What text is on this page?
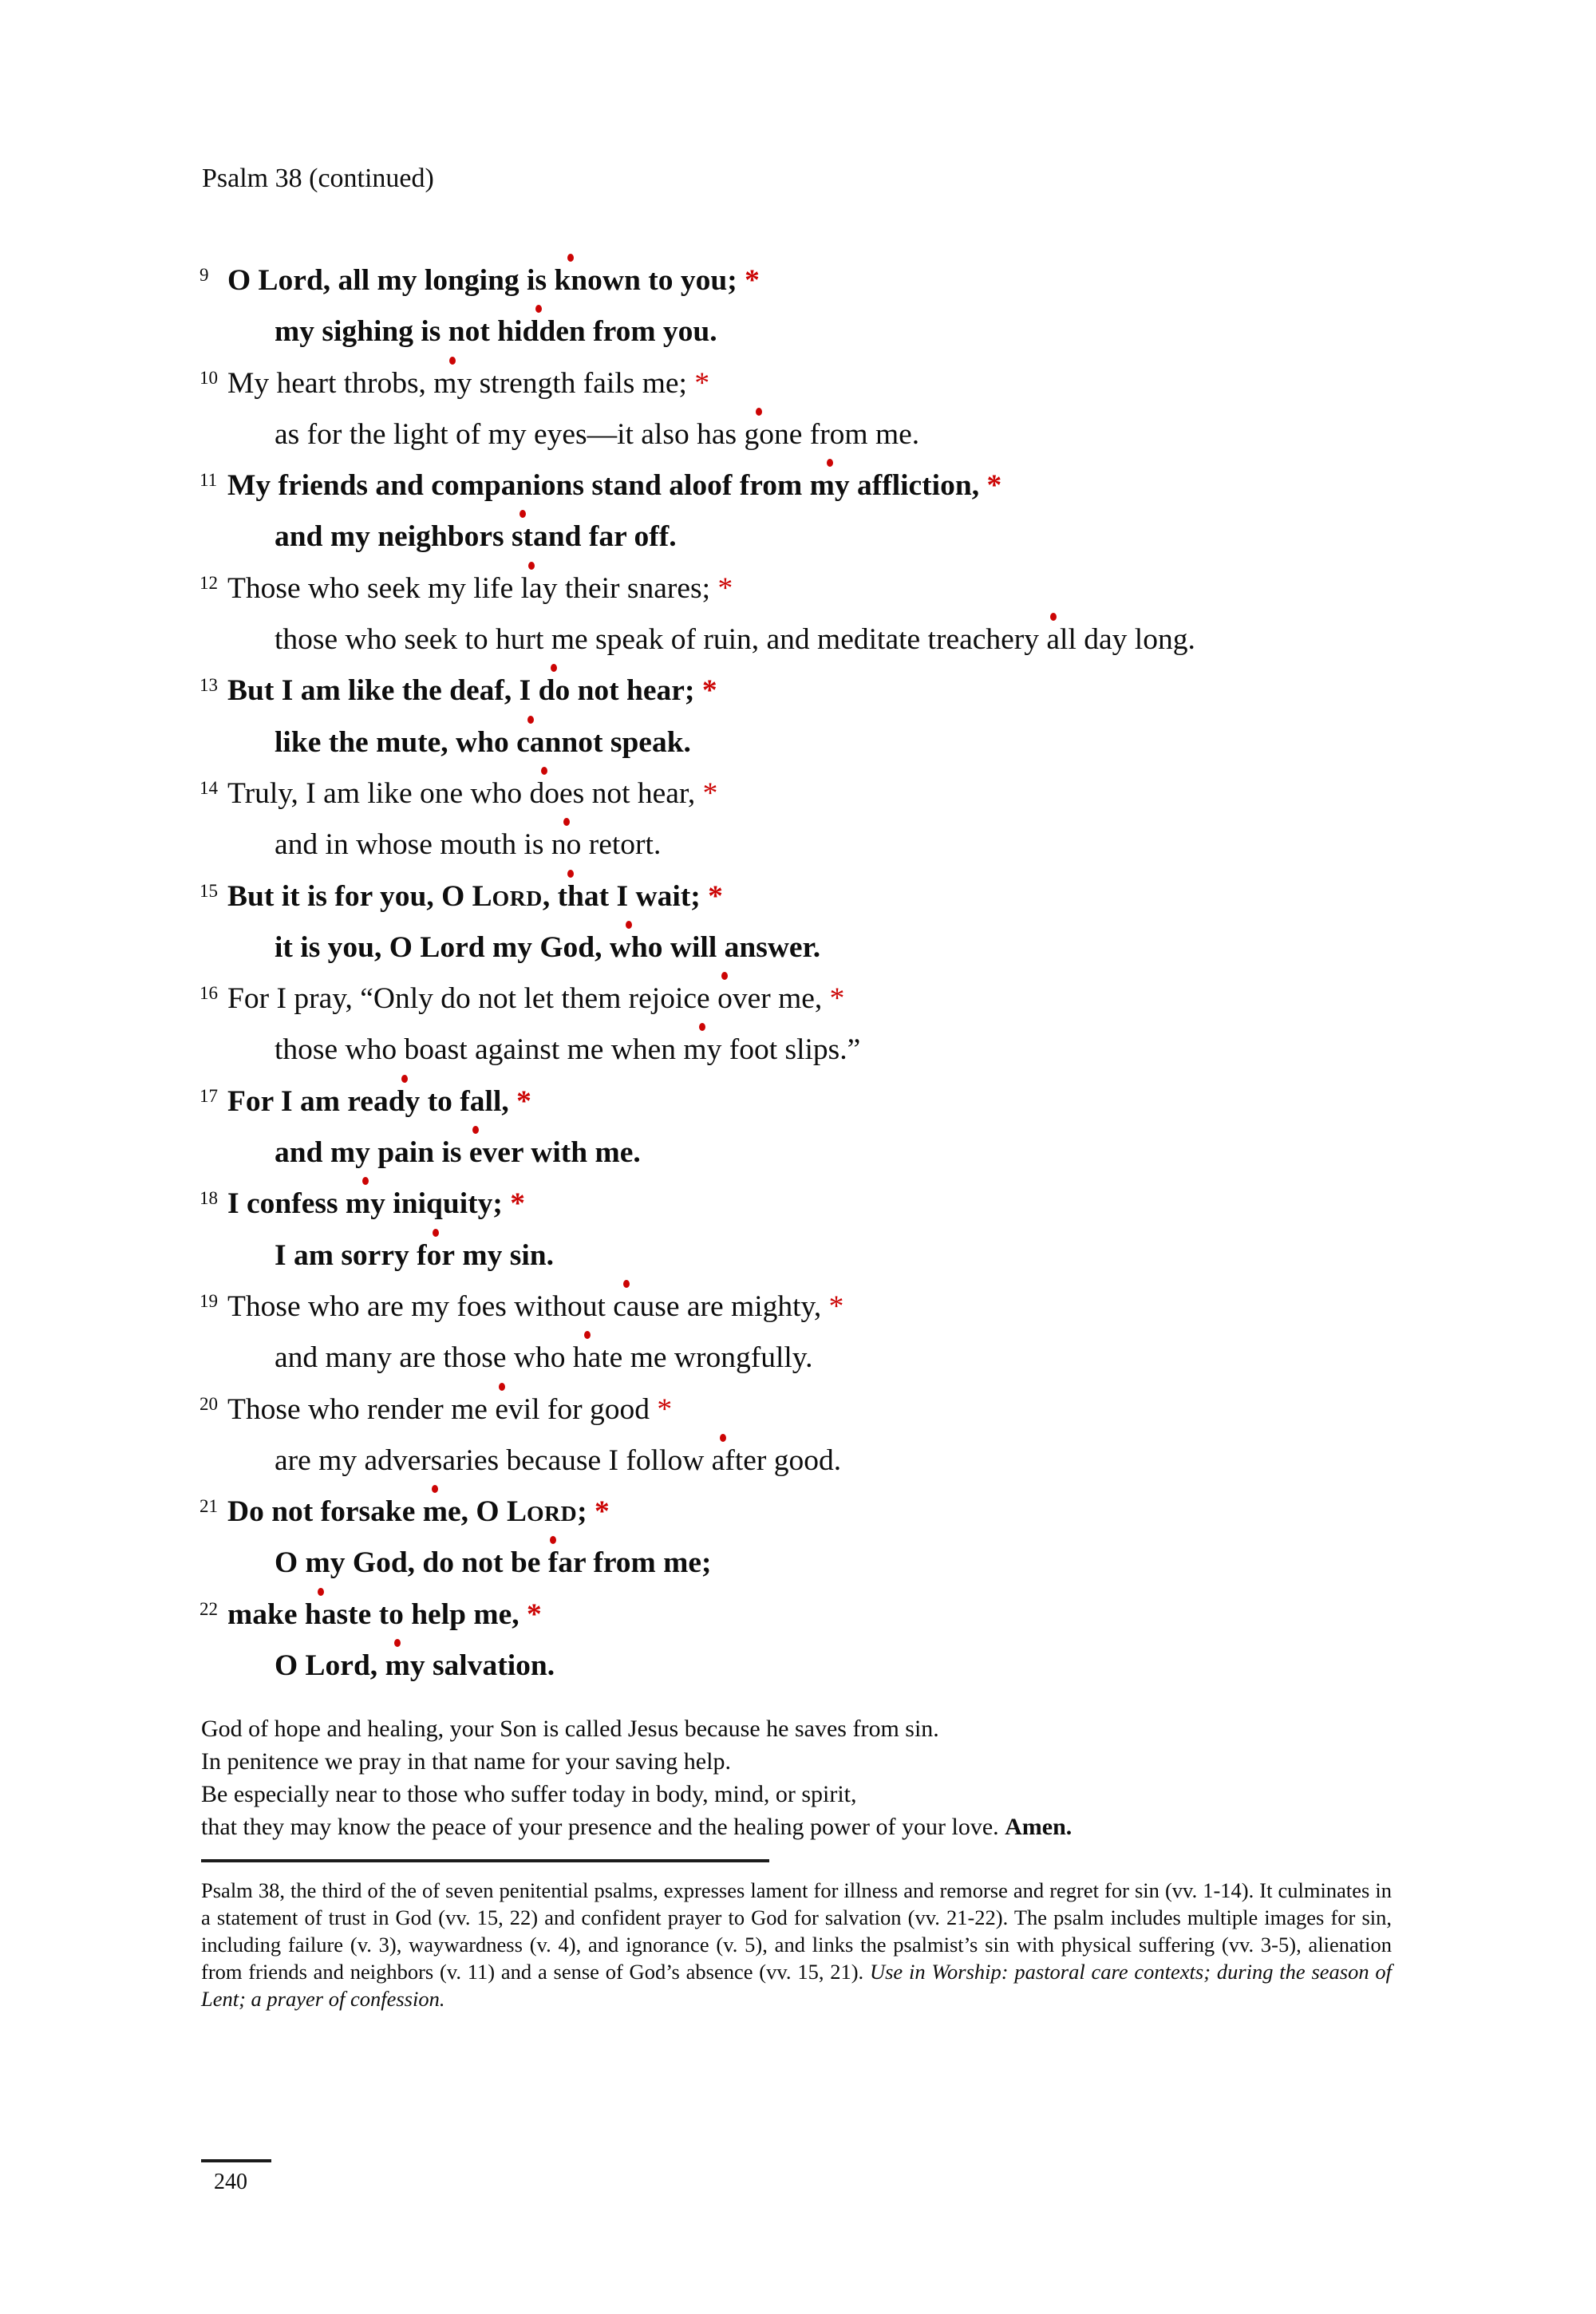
Psalm 38 (continued)
9 O Lord, all my longing is known to you; *
my sighing is not hidden from you.
10 My heart throbs, my strength fails me; *
as for the light of my eyes—it also has gone from me.
11 My friends and companions stand aloof from my affliction, *
and my neighbors stand far off.
12 Those who seek my life lay their snares; *
those who seek to hurt me speak of ruin, and meditate treachery all day long.
13 But I am like the deaf, I do not hear; *
like the mute, who cannot speak.
14 Truly, I am like one who does not hear, *
and in whose mouth is no retort.
15 But it is for you, O LORD, that I wait; *
it is you, O Lord my God, who will answer.
16 For I pray, “Only do not let them rejoice over me, *
those who boast against me when my foot slips.”
17 For I am ready to fall, *
and my pain is ever with me.
18 I confess my iniquity; *
I am sorry for my sin.
19 Those who are my foes without cause are mighty, *
and many are those who hate me wrongfully.
20 Those who render me evil for good *
are my adversaries because I follow after good.
21 Do not forsake me, O LORD; *
O my God, do not be far from me;
22 make haste to help me, *
O Lord, my salvation.
God of hope and healing, your Son is called Jesus because he saves from sin.
In penitence we pray in that name for your saving help.
Be especially near to those who suffer today in body, mind, or spirit,
that they may know the peace of your presence and the healing power of your love. Amen.
Psalm 38, the third of the of seven penitential psalms, expresses lament for illness and remorse and regret for sin (vv. 1-14). It culminates in a statement of trust in God (vv. 15, 22) and confident prayer to God for salvation (vv. 21-22). The psalm includes multiple images for sin, including failure (v. 3), waywardness (v. 4), and ignorance (v. 5), and links the psalmist’s sin with physical suffering (vv. 3-5), alienation from friends and neighbors (v. 11) and a sense of God’s absence (vv. 15, 21). Use in Worship: pastoral care contexts; during the season of Lent; a prayer of confession.
240
